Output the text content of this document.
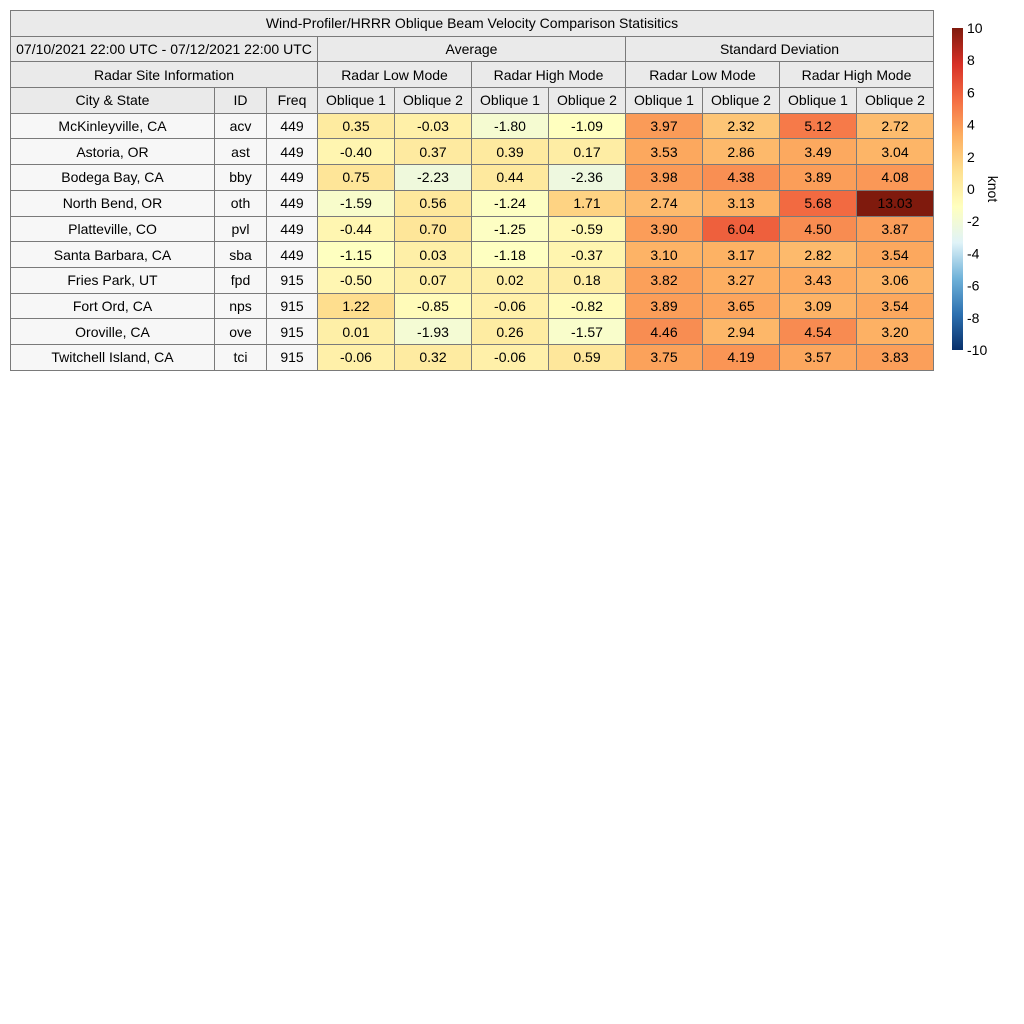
Wind-Profiler/HRRR Oblique Beam Velocity Comparison Statisitics										
07/10/2021 22:00 UTC - 07/12/2021 22:00 UTC			Average				Standard Deviation			
Radar Site Information			Radar Low Mode		Radar High Mode		Radar Low Mode		Radar High Mode	
City & State	ID	Freq	Oblique 1	Oblique 2	Oblique 1	Oblique 2	Oblique 1	Oblique 2	Oblique 1	Oblique 2
McKinleyville, CA	acv	449	0.35	-0.03	-1.80	-1.09	3.97	2.32	5.12	2.72
Astoria, OR	ast	449	-0.40	0.37	0.39	0.17	3.53	2.86	3.49	3.04
Bodega Bay, CA	bby	449	0.75	-2.23	0.44	-2.36	3.98	4.38	3.89	4.08
North Bend, OR	oth	449	-1.59	0.56	-1.24	1.71	2.74	3.13	5.68	13.03
Platteville, CO	pvl	449	-0.44	0.70	-1.25	-0.59	3.90	6.04	4.50	3.87
Santa Barbara, CA	sba	449	-1.15	0.03	-1.18	-0.37	3.10	3.17	2.82	3.54
Fries Park, UT	fpd	915	-0.50	0.07	0.02	0.18	3.82	3.27	3.43	3.06
Fort Ord, CA	nps	915	1.22	-0.85	-0.06	-0.82	3.89	3.65	3.09	3.54
Oroville, CA	ove	915	0.01	-1.93	0.26	-1.57	4.46	2.94	4.54	3.20
Twitchell Island, CA	tci	915	-0.06	0.32	-0.06	0.59	3.75	4.19	3.57	3.83
10
8
6
4
2
0
-2
-4
-6
-8
-10
knot
